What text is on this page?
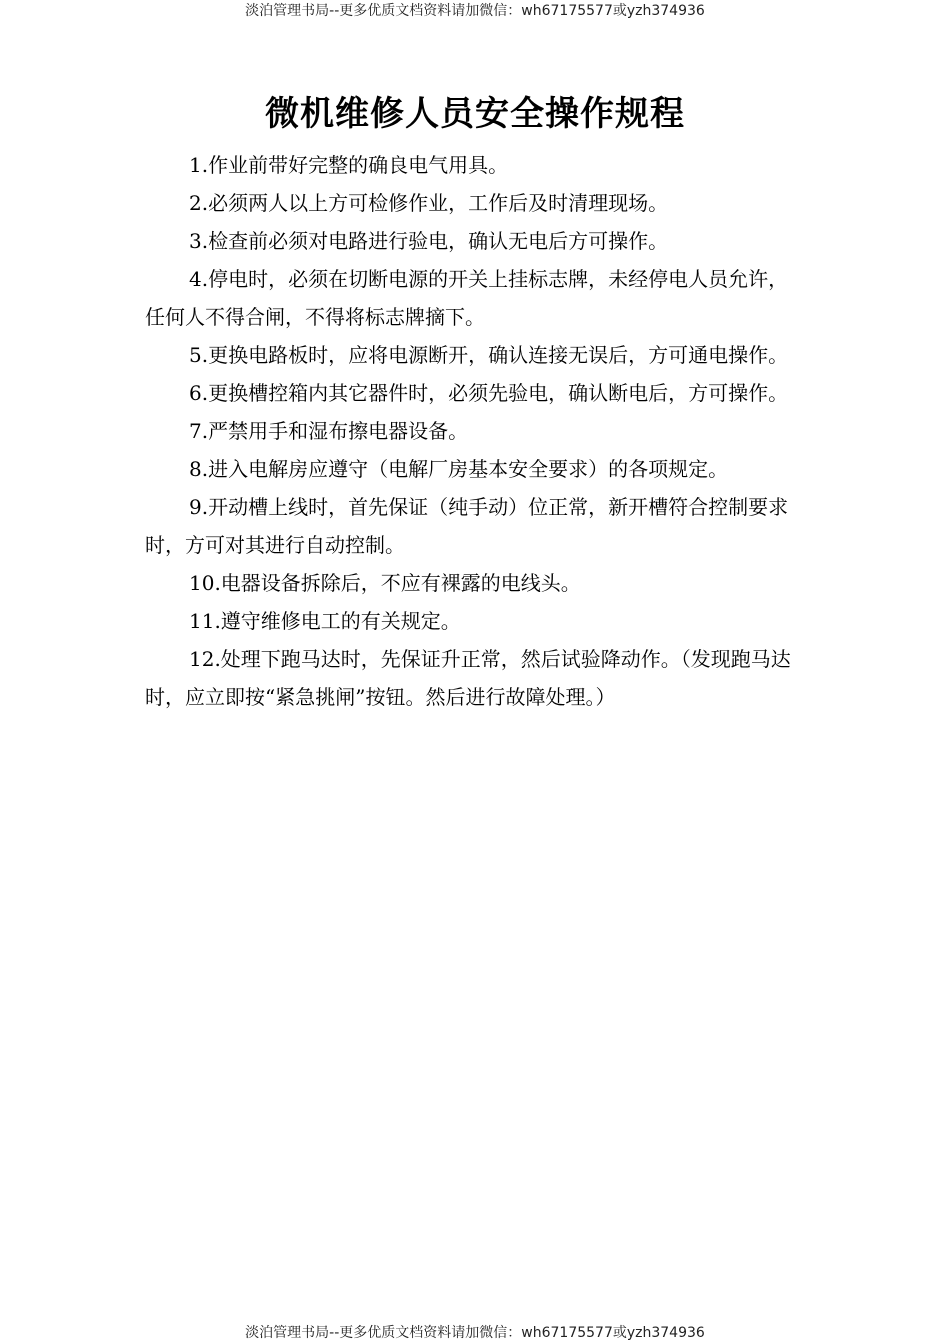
淡泊管理书局--更多优质文档资料请加微信：wh67175577或yzh374936
微机维修人员安全操作规程

1.作业前带好完整的确良电气用具。

2.必须两人以上方可检修作业，工作后及时清理现场。

3.检查前必须对电路进行验电，确认无电后方可操作。

4.停电时，必须在切断电源的开关上挂标志牌，未经停电人员允许，任何人不得合闸，不得将标志牌摘下。

5.更换电路板时，应将电源断开，确认连接无误后，方可通电操作。

6.更换槽控箱内其它器件时，必须先验电，确认断电后，方可操作。

7.严禁用手和湿布擦电器设备。

8.进入电解房应遵守（电解厂房基本安全要求）的各项规定。

9.开动槽上线时，首先保证（纯手动）位正常，新开槽符合控制要求时，方可对其进行自动控制。

10.电器设备拆除后，不应有裸露的电线头。

11.遵守维修电工的有关规定。

12.处理下跑马达时，先保证升正常，然后试验降动作。（发现跑马达时，应立即按“紧急挑闸”按钮。然后进行故障处理。）

淡泊管理书局--更多优质文档资料请加微信：wh67175577或yzh374936
